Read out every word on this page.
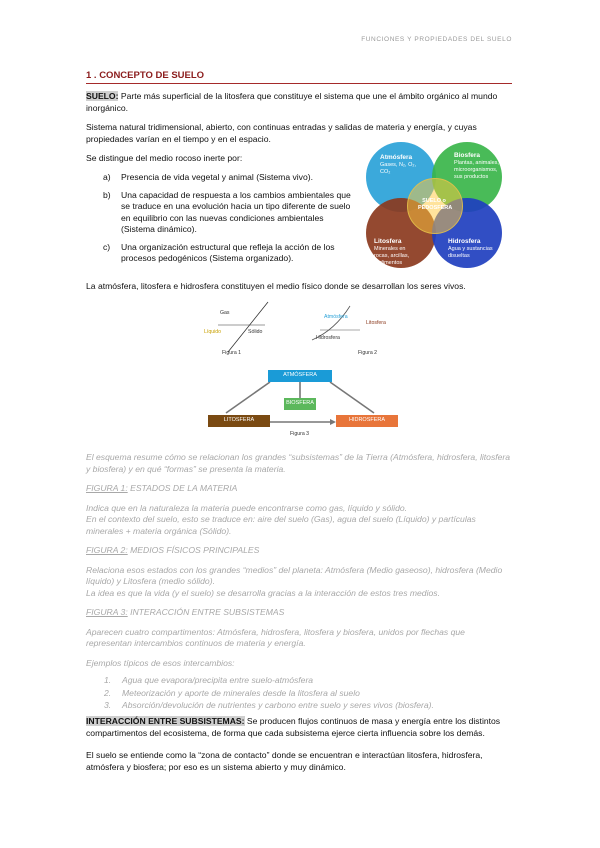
FUNCIONES Y PROPIEDADES DEL SUELO
1 . CONCEPTO DE SUELO

SUELO: Parte más superficial de la litosfera que constituye el sistema que une el ámbito orgánico al mundo inorgánico.

Sistema natural tridimensional, abierto, con continuas entradas y salidas de materia y energía, y cuyas propiedades varían en el tiempo y en el espacio.

Se distingue del medio rocoso inerte por:

a) Presencia de vida vegetal y animal (Sistema vivo).
b) Una capacidad de respuesta a los cambios ambientales que se traduce en una evolución hacia un tipo diferente de suelo en equilibrio con las nuevas condiciones ambientales (Sistema dinámico).
c) Una organización estructural que refleja la acción de los procesos pedogénicos (Sistema organizado).
Atmósfera
Gases, N₂, O₂, CO₂
Biosfera
Plantas, animales, microorganismos, sus productos
Litosfera
Minerales en rocas, arcillas, sedimentos
Hidrosfera
Agua y sustancias disueltas
SUELO o PEDOSFERA

La atmósfera, litosfera e hidrosfera constituyen el medio físico donde se desarrollan los seres vivos.

Gas
Líquido	Sólido
Figura 1
Atmósfera
Hidrosfera
Litosfera
Figura 2
ATMÓSFERA
BIOSFERA
LITOSFERA	HIDROSFERA
Figura 3

El esquema resume cómo se relacionan los grandes “subsistemas” de la Tierra (Atmósfera, hidrosfera, litosfera y biosfera) y en qué “formas” se presenta la materia.

FIGURA 1: ESTADOS DE LA MATERIA

Indica que en la naturaleza la materia puede encontrarse como gas, líquido y sólido.

En el contexto del suelo, esto se traduce en: aire del suelo (Gas), agua del suelo (Líquido) y partículas minerales + materia orgánica (Sólido).

FIGURA 2: MEDIOS FÍSICOS PRINCIPALES

Relaciona esos estados con los grandes “medios” del planeta: Atmósfera (Medio gaseoso), hidrosfera (Medio líquido) y Litosfera (medio sólido).

La idea es que la vida (y el suelo) se desarrolla gracias a la interacción de estos tres medios.

FIGURA 3: INTERACCIÓN ENTRE SUBSISTEMAS

Aparecen cuatro compartimentos: Atmósfera, hidrosfera, litosfera y biosfera, unidos por flechas que representan intercambios continuos de materia y energía.

Ejemplos típicos de esos intercambios:

1. Agua que evapora/precipita entre suelo-atmósfera
2. Meteorización y aporte de minerales desde la litosfera al suelo
3. Absorción/devolución de nutrientes y carbono entre suelo y seres vivos (biosfera).

INTERACCIÓN ENTRE SUBSISTEMAS: Se producen flujos continuos de masa y energía entre los distintos compartimentos del ecosistema, de forma que cada subsistema ejerce cierta influencia sobre los demás.

El suelo se entiende como la “zona de contacto” donde se encuentran e interactúan litosfera, hidrosfera, atmósfera y biosfera; por eso es un sistema abierto y muy dinámico.
